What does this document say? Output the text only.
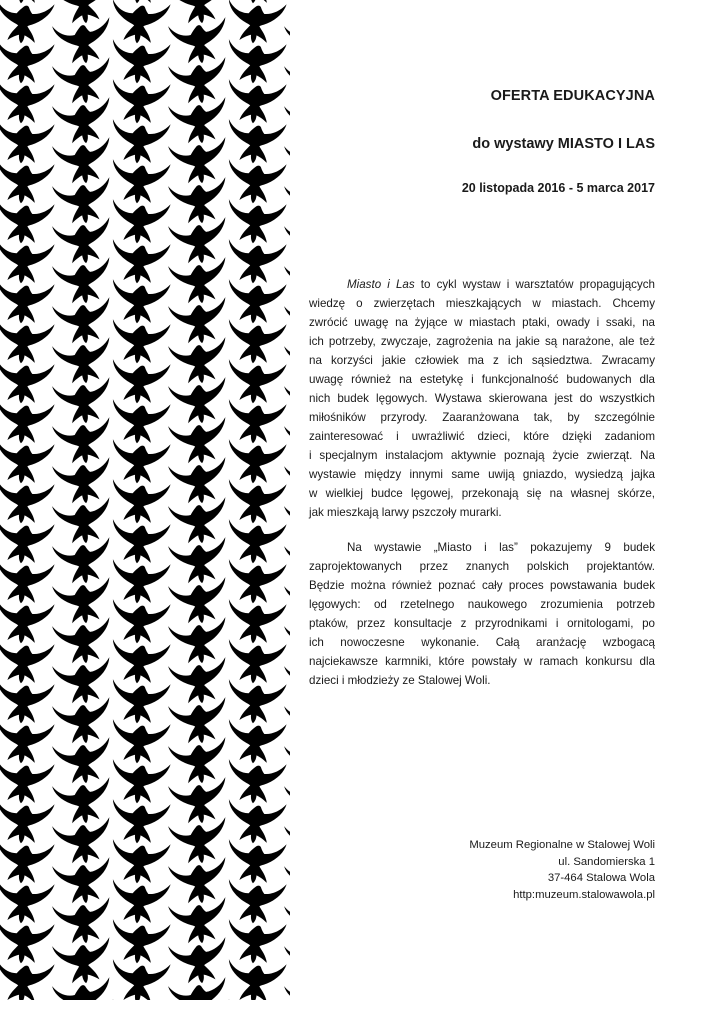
OFERTA EDUKACYJNA
do wystawy MIASTO I LAS
20 listopada 2016 - 5 marca 2017

Miasto i Las to cykl wystaw i warsztatów propagujących
wiedzę o zwierzętach mieszkających w miastach. Chcemy
zwrócić uwagę na żyjące w miastach ptaki, owady i ssaki, na
ich potrzeby, zwyczaje, zagrożenia na jakie są narażone, ale też
na korzyści jakie człowiek ma z ich sąsiedztwa. Zwracamy
uwagę również na estetykę i funkcjonalność budowanych dla
nich budek lęgowych. Wystawa skierowana jest do wszystkich
miłośników przyrody. Zaaranżowana tak, by szczególnie
zainteresować i uwrażliwić dzieci, które dzięki zadaniom
i specjalnym instalacjom aktywnie poznają życie zwierząt. Na
wystawie między innymi same uwiją gniazdo, wysiedzą jajka
w wielkiej budce lęgowej, przekonają się na własnej skórze,
jak mieszkają larwy pszczoły murarki.

Na wystawie „Miasto i las” pokazujemy 9 budek
zaprojektowanych przez znanych polskich projektantów.
Będzie można również poznać cały proces powstawania budek
lęgowych: od rzetelnego naukowego zrozumienia potrzeb
ptaków, przez konsultacje z przyrodnikami i ornitologami, po
ich nowoczesne wykonanie. Całą aranżację wzbogacą
najciekawsze karmniki, które powstały w ramach konkursu dla
dzieci i młodzieży ze Stalowej Woli.

Muzeum Regionalne w Stalowej Woli
ul. Sandomierska 1
37-464 Stalowa Wola
http:muzeum.stalowawola.pl
